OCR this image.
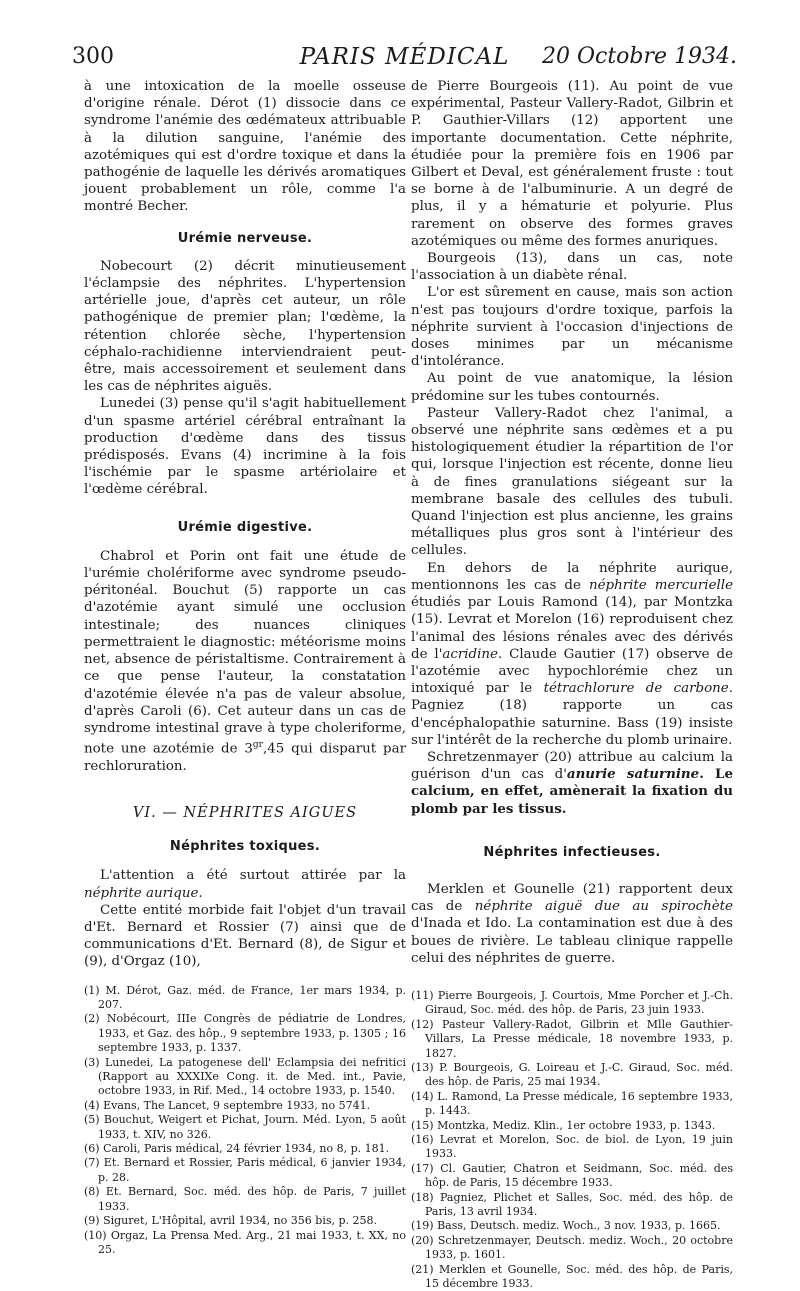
300	PARIS MÉDICAL	20 Octobre 1934.

à une intoxication de la moelle osseuse d'origine rénale. Dérot (1) dissocie dans ce syndrome l'anémie des œdémateux attribuable à la dilution sanguine, l'anémie des azotémiques qui est d'ordre toxique et dans la pathogénie de laquelle les dérivés aromatiques jouent probablement un rôle, comme l'a montré Becher.

Urémie nerveuse.

Nobecourt (2) décrit minutieusement l'éclampsie des néphrites. L'hypertension artérielle joue, d'après cet auteur, un rôle pathogénique de premier plan; l'œdème, la rétention chlorée sèche, l'hypertension céphalo-rachidienne interviendraient peut-être, mais accessoirement et seulement dans les cas de néphrites aiguës.

Lunedei (3) pense qu'il s'agit habituellement d'un spasme artériel cérébral entraînant la production d'œdème dans des tissus prédisposés. Evans (4) incrimine à la fois l'ischémie par le spasme artériolaire et l'œdème cérébral.

Urémie digestive.

Chabrol et Porin ont fait une étude de l'urémie cholériforme avec syndrome pseudo-péritonéal. Bouchut (5) rapporte un cas d'azotémie ayant simulé une occlusion intestinale; des nuances cliniques permettraient le diagnostic: météorisme moins net, absence de péristaltisme. Contrairement à ce que pense l'auteur, la constatation d'azotémie élevée n'a pas de valeur absolue, d'après Caroli (6). Cet auteur dans un cas de syndrome intestinal grave à type choleriforme, note une azotémie de $3^{gr},45$ qui disparut par rechloruration.

VI. — NÉPHRITES AIGUES

Néphrites toxiques.

L'attention a été surtout attirée par la néphrite aurique.

Cette entité morbide fait l'objet d'un travail d'Et. Bernard et Rossier (7) ainsi que de communications d'Et. Bernard (8), de Sigur et (9), d'Orgaz (10),

(1) M. Dérot, Gaz. méd. de France, 1er mars 1934, p. 207.

(2) Nobécourt, IIIe Congrès de pédiatrie de Londres, 1933, et Gaz. des hôp., 9 septembre 1933, p. 1305 ; 16 septembre 1933, p. 1337.

(3) Lunedei, La patogenese dell' Eclampsia dei nefritici (Rapport au XXXIXe Cong. it. de Med. int., Pavie, octobre 1933, in Rif. Med., 14 octobre 1933, p. 1540.

(4) Evans, The Lancet, 9 septembre 1933, no 5741.

(5) Bouchut, Weigert et Pichat, Journ. Méd. Lyon, 5 août 1933, t. XIV, no 326.

(6) Caroli, Paris médical, 24 février 1934, no 8, p. 181.

(7) Et. Bernard et Rossier, Paris médical, 6 janvier 1934, p. 28.

(8) Et. Bernard, Soc. méd. des hôp. de Paris, 7 juillet 1933.

(9) Siguret, L'Hôpital, avril 1934, no 356 bis, p. 258.

(10) Orgaz, La Prensa Med. Arg., 21 mai 1933, t. XX, no 25.

de Pierre Bourgeois (11). Au point de vue expérimental, Pasteur Vallery-Radot, Gilbrin et P. Gauthier-Villars (12) apportent une importante documentation. Cette néphrite, étudiée pour la première fois en 1906 par Gilbert et Deval, est généralement fruste : tout se borne à de l'albuminurie. A un degré de plus, il y a hématurie et polyurie. Plus rarement on observe des formes graves azotémiques ou même des formes anuriques.

Bourgeois (13), dans un cas, note l'association à un diabète rénal.

L'or est sûrement en cause, mais son action n'est pas toujours d'ordre toxique, parfois la néphrite survient à l'occasion d'injections de doses minimes par un mécanisme d'intolérance.

Au point de vue anatomique, la lésion prédomine sur les tubes contournés.

Pasteur Vallery-Radot chez l'animal, a observé une néphrite sans œdèmes et a pu histologiquement étudier la répartition de l'or qui, lorsque l'injection est récente, donne lieu à de fines granulations siégeant sur la membrane basale des cellules des tubuli. Quand l'injection est plus ancienne, les grains métalliques plus gros sont à l'intérieur des cellules.

En dehors de la néphrite aurique, mentionnons les cas de néphrite mercurielle étudiés par Louis Ramond (14), par Montzka (15). Levrat et Morelon (16) reproduisent chez l'animal des lésions rénales avec des dérivés de l'acridine. Claude Gautier (17) observe de l'azotémie avec hypochlorémie chez un intoxiqué par le tétrachlorure de carbone. Pagniez (18) rapporte un cas d'encéphalopathie saturnine. Bass (19) insiste sur l'intérêt de la recherche du plomb urinaire.

Schretzenmayer (20) attribue au calcium la guérison d'un cas d'anurie saturnine. Le calcium, en effet, amènerait la fixation du plomb par les tissus.

Néphrites infectieuses.

Merklen et Gounelle (21) rapportent deux cas de néphrite aiguë due au spirochète d'Inada et Ido. La contamination est due à des boues de rivière. Le tableau clinique rappelle celui des néphrites de guerre.

(11) Pierre Bourgeois, J. Courtois, Mme Porcher et J.-Ch. Giraud, Soc. méd. des hôp. de Paris, 23 juin 1933.

(12) Pasteur Vallery-Radot, Gilbrin et Mlle Gauthier-Villars, La Presse médicale, 18 novembre 1933, p. 1827.

(13) P. Bourgeois, G. Loireau et J.-C. Giraud, Soc. méd. des hôp. de Paris, 25 mai 1934.

(14) L. Ramond, La Presse médicale, 16 septembre 1933, p. 1443.

(15) Montzka, Mediz. Klin., 1er octobre 1933, p. 1343.

(16) Levrat et Morelon, Soc. de biol. de Lyon, 19 juin 1933.

(17) Cl. Gautier, Chatron et Seidmann, Soc. méd. des hôp. de Paris, 15 décembre 1933.

(18) Pagniez, Plichet et Salles, Soc. méd. des hôp. de Paris, 13 avril 1934.

(19) Bass, Deutsch. mediz. Woch., 3 nov. 1933, p. 1665.

(20) Schretzenmayer, Deutsch. mediz. Woch., 20 octobre 1933, p. 1601.

(21) Merklen et Gounelle, Soc. méd. des hôp. de Paris, 15 décembre 1933.
